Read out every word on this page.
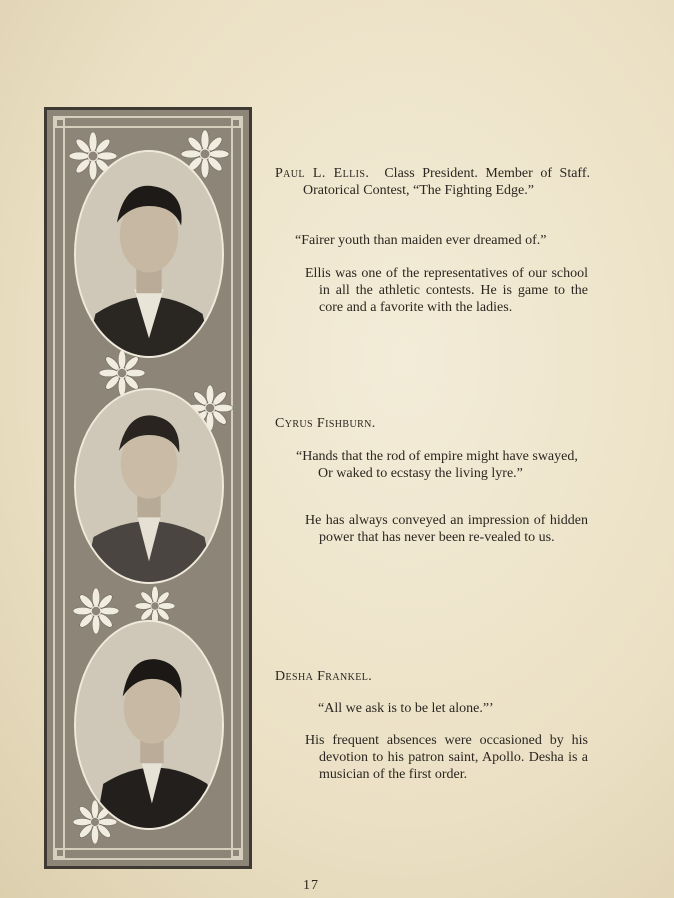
Paul L. Ellis. Class President. Member of Staff. Oratorical Contest, “The Fighting Edge.”

“Fairer youth than maiden ever dreamed of.”

Ellis was one of the representatives of our school in all the athletic contests. He is game to the core and a favorite with the ladies.

Cyrus Fishburn.

“Hands that the rod of empire might have swayed,

Or waked to ecstasy the living lyre.”

He has always conveyed an impression of hidden power that has never been re-vealed to us.

Desha Frankel.

“All we ask is to be let alone.”’

His frequent absences were occasioned by his devotion to his patron saint, Apollo. Desha is a musician of the first order.

17
